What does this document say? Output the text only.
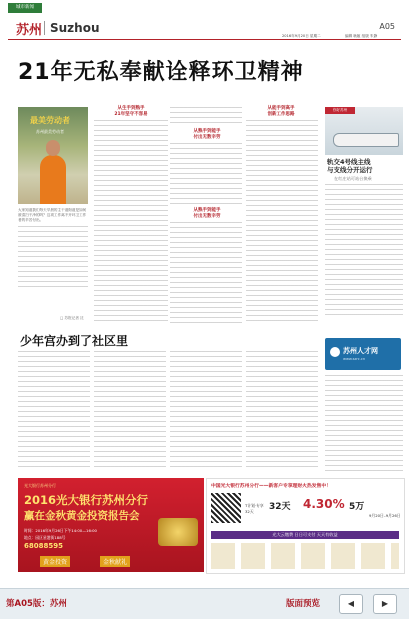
城市新闻
苏州 Suzhou	A05
2016年9月20日 星期二	编辑 耿姬 组版 朱静
21年无私奉献诠释环卫精神
最美劳动者
苏州最美劳动者
大家知道我们每天早晨的主干道街道是如何被清扫干净的吗？这项工作离不开环卫工作者的辛苦付出。
□ 苏报记者 沈
从生手到熟手
21年坚守不容易
从熟手到能手
付出无数辛劳
从熟手到能手
付出无数辛劳
从能手到高手
创新工作思路
你好苏州
轨交4号线主线
与支线分开运行
在红庄站可站台换乘
少年宫办到了社区里
苏州人才网
www.szrc.cn
光大银行苏州分行
2016光大银行苏州分行
赢在金秋黄金投资报告会
时间：2016年9月26日下午14:00—16:00
地点：园区星港街188号
68088595
黄金投资	金秋献礼
中国光大银行苏州分行——新客户专享理财火热发售中！
T计划·专享32天	32天 4.30% 5万
9月20日–9月26日
光大云缴费 日日可支付 天天有收益
第A05版：苏州	版面预览	◀	▶
